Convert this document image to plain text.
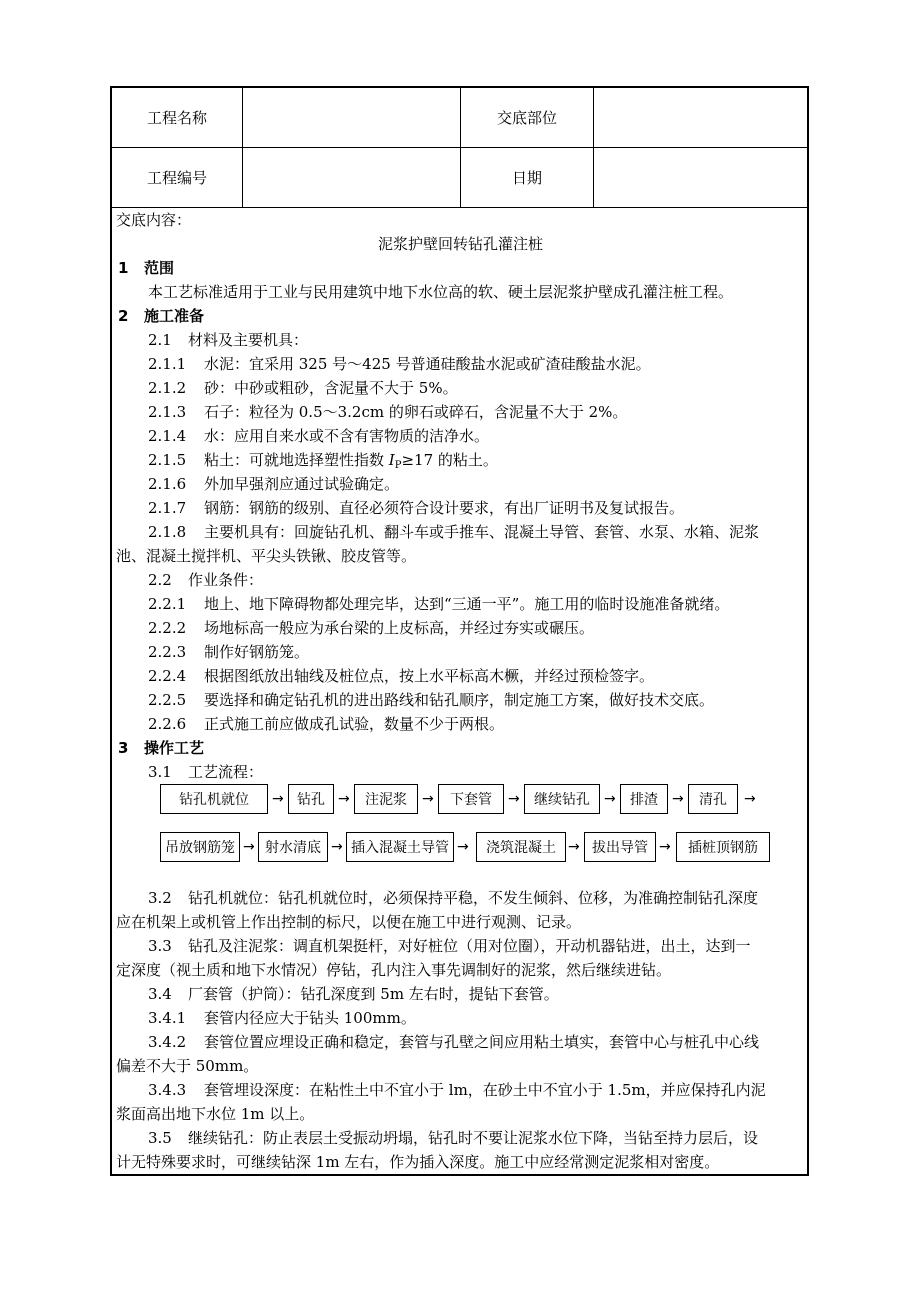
工程名称	交底部位
工程编号	日期
交底内容：
泥浆护壁回转钻孔灌注桩
1 范围
本工艺标准适用于工业与民用建筑中地下水位高的软、硬土层泥浆护壁成孔灌注桩工程。
2 施工准备
2.1 材料及主要机具：
2.1.1 水泥：宜采用 325 号～425 号普通硅酸盐水泥或矿渣硅酸盐水泥。
2.1.2 砂：中砂或粗砂，含泥量不大于 5%。
2.1.3 石子：粒径为 0.5～3.2cm 的卵石或碎石，含泥量不大于 2%。
2.1.4 水：应用自来水或不含有害物质的洁净水。
2.1.5 粘土：可就地选择塑性指数 $I_P\ge 17$ 的粘土。
2.1.6 外加早强剂应通过试验确定。
2.1.7 钢筋：钢筋的级别、直径必须符合设计要求，有出厂证明书及复试报告。
2.1.8 主要机具有：回旋钻孔机、翻斗车或手推车、混凝土导管、套管、水泵、水箱、泥浆
池、混凝土搅拌机、平尖头铁锹、胶皮管等。
2.2 作业条件：
2.2.1 地上、地下障碍物都处理完毕，达到“三通一平”。施工用的临时设施准备就绪。
2.2.2 场地标高一般应为承台梁的上皮标高，并经过夯实或碾压。
2.2.3 制作好钢筋笼。
2.2.4 根据图纸放出轴线及桩位点，按上水平标高木橛，并经过预检签字。
2.2.5 要选择和确定钻孔机的进出路线和钻孔顺序，制定施工方案，做好技术交底。
2.2.6 正式施工前应做成孔试验，数量不少于两根。
3 操作工艺
3.1 工艺流程：
钻孔机就位	→ 钻孔 →	注泥浆	→	下套管	→	继续钻孔	→	排渣	→	清孔	→
吊放钢筋笼 → 射水清底 → 插入混凝土导管 →	浇筑混凝土 → 拔出导管 →	插桩顶钢筋
3.2 钻孔机就位：钻孔机就位时，必须保持平稳，不发生倾斜、位移，为准确控制钻孔深度
应在机架上或机管上作出控制的标尺，以便在施工中进行观测、记录。
3.3 钻孔及注泥浆：调直机架挺杆，对好桩位（用对位圈），开动机器钻进，出土，达到一
定深度（视土质和地下水情况）停钻，孔内注入事先调制好的泥浆，然后继续进钻。
3.4 厂套管（护筒）：钻孔深度到 5m 左右时，提钻下套管。
3.4.1 套管内径应大于钻头 100mm。
3.4.2 套管位置应埋设正确和稳定，套管与孔壁之间应用粘土填实，套管中心与桩孔中心线
偏差不大于 50mm。
3.4.3 套管埋设深度：在粘性土中不宜小于 lm，在砂土中不宜小于 1.5m，并应保持孔内泥
浆面高出地下水位 1m 以上。
3.5 继续钻孔：防止表层土受振动坍塌，钻孔时不要让泥浆水位下降，当钻至持力层后，设
计无特殊要求时，可继续钻深 1m 左右，作为插入深度。施工中应经常测定泥浆相对密度。
